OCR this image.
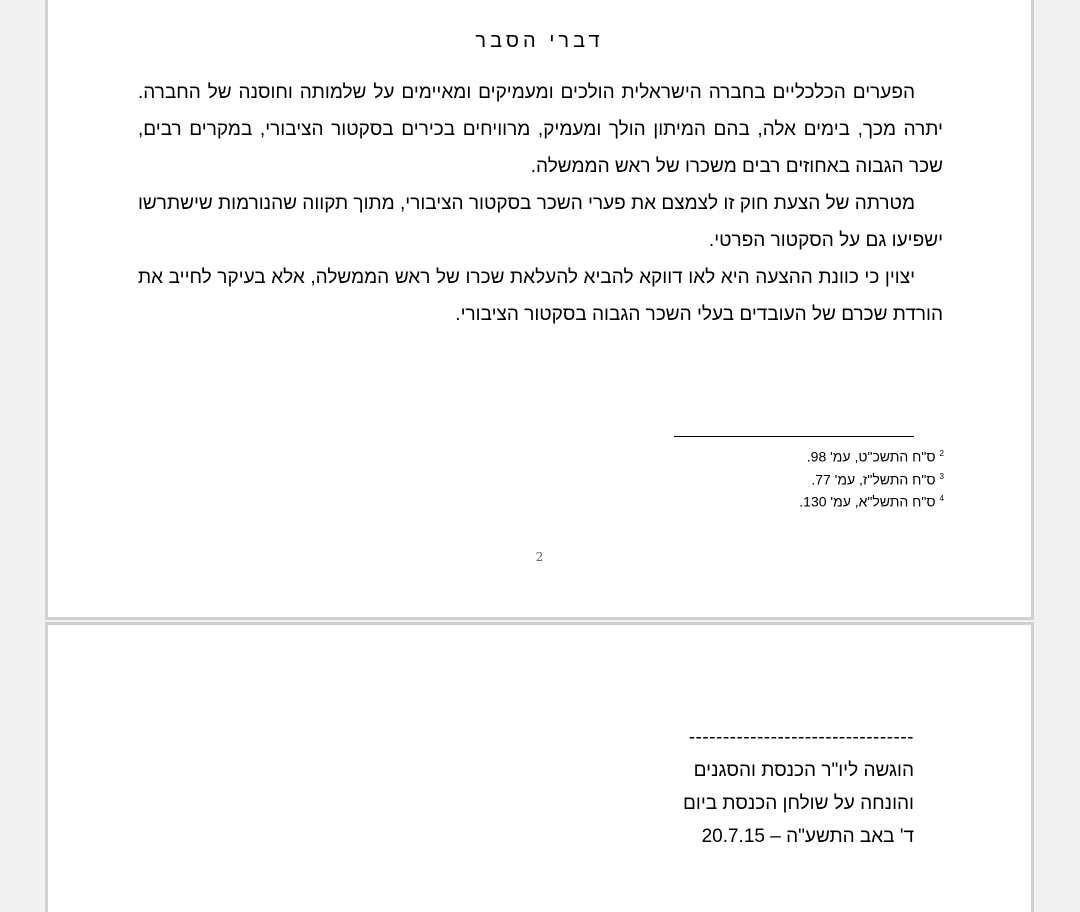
דברי הסבר

הפערים הכלכליים בחברה הישראלית הולכים ומעמיקים ומאיימים על שלמותה וחוסנה של החברה. יתרה מכך, בימים אלה, בהם המיתון הולך ומעמיק, מרוויחים בכירים בסקטור הציבורי, במקרים רבים, שכר הגבוה באחוזים רבים משכרו של ראש הממשלה.

מטרתה של הצעת חוק זו לצמצם את פערי השכר בסקטור הציבורי, מתוך תקווה שהנורמות שישתרשו ישפיעו גם על הסקטור הפרטי.

יצוין כי כוונת ההצעה היא לאו דווקא להביא להעלאת שכרו של ראש הממשלה, אלא בעיקר לחייב את הורדת שכרם של העובדים בעלי השכר הגבוה בסקטור הציבורי.

$^2$ס"ח התשכ"ט, עמ' 98.
$^3$ס"ח התשל"ז, עמ' 77.
$^4$ס"ח התשל"א, עמ' 130.
2
---------------------------------
הוגשה ליו"ר הכנסת והסגנים
והונחה על שולחן הכנסת ביום
ד' באב התשע"ה – 20.7.15
